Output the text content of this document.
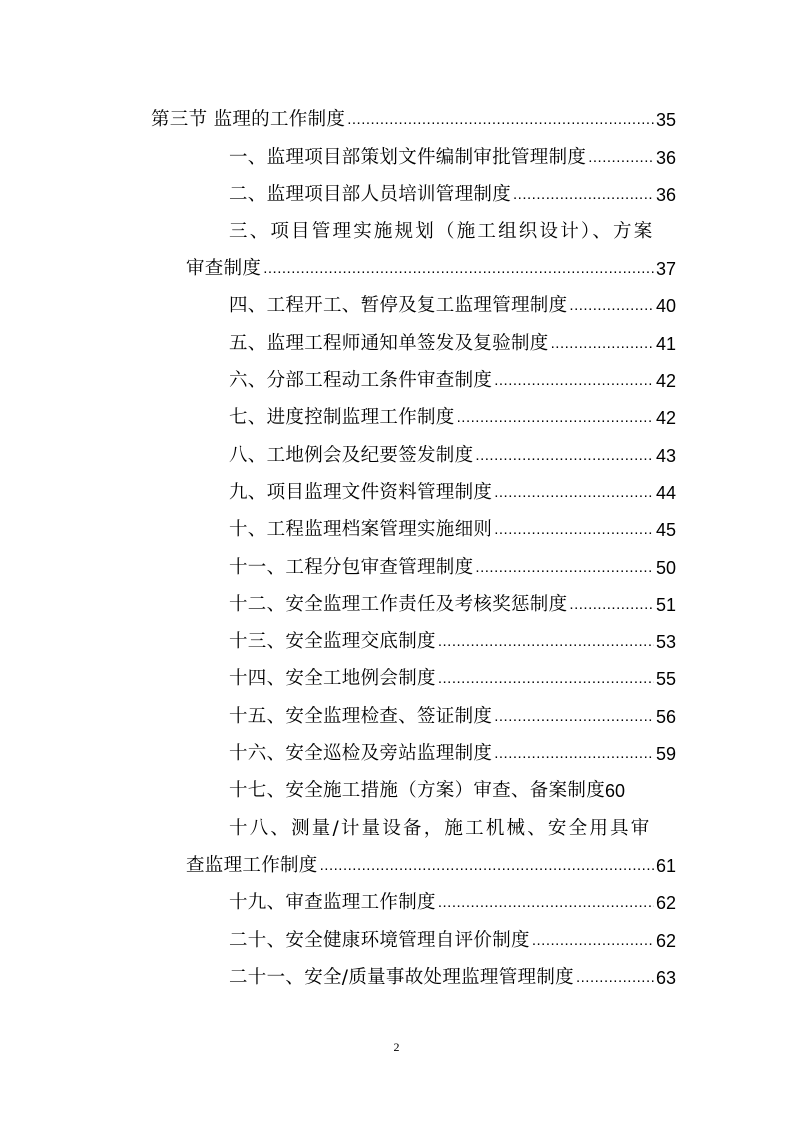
第三节 监理的工作制度 .....	35
一、监理项目部策划文件编制审批管理制度 .....	36
二、监理项目部人员培训管理制度 .....	36
三、项目管理实施规划（施工组织设计）、方案
审查制度 .....	37
四、工程开工、暂停及复工监理管理制度 .....	40
五、监理工程师通知单签发及复验制度 .....	41
六、分部工程动工条件审查制度 .....	42
七、进度控制监理工作制度 .....	42
八、工地例会及纪要签发制度 .....	43
九、项目监理文件资料管理制度 .....	44
十、工程监理档案管理实施细则 .....	45
十一、工程分包审查管理制度 .....	50
十二、安全监理工作责任及考核奖惩制度 .....	51
十三、安全监理交底制度 .....	53
十四、安全工地例会制度 .....	55
十五、安全监理检查、签证制度 .....	56
十六、安全巡检及旁站监理制度 .....	59
十七、安全施工措施（方案）审查、备案制度 60
十八、测量/计量设备，施工机械、安全用具审
查监理工作制度 .....	61
十九、审查监理工作制度 .....	62
二十、安全健康环境管理自评价制度 .....	62
二十一、安全/质量事故处理监理管理制度 .....	63
2
